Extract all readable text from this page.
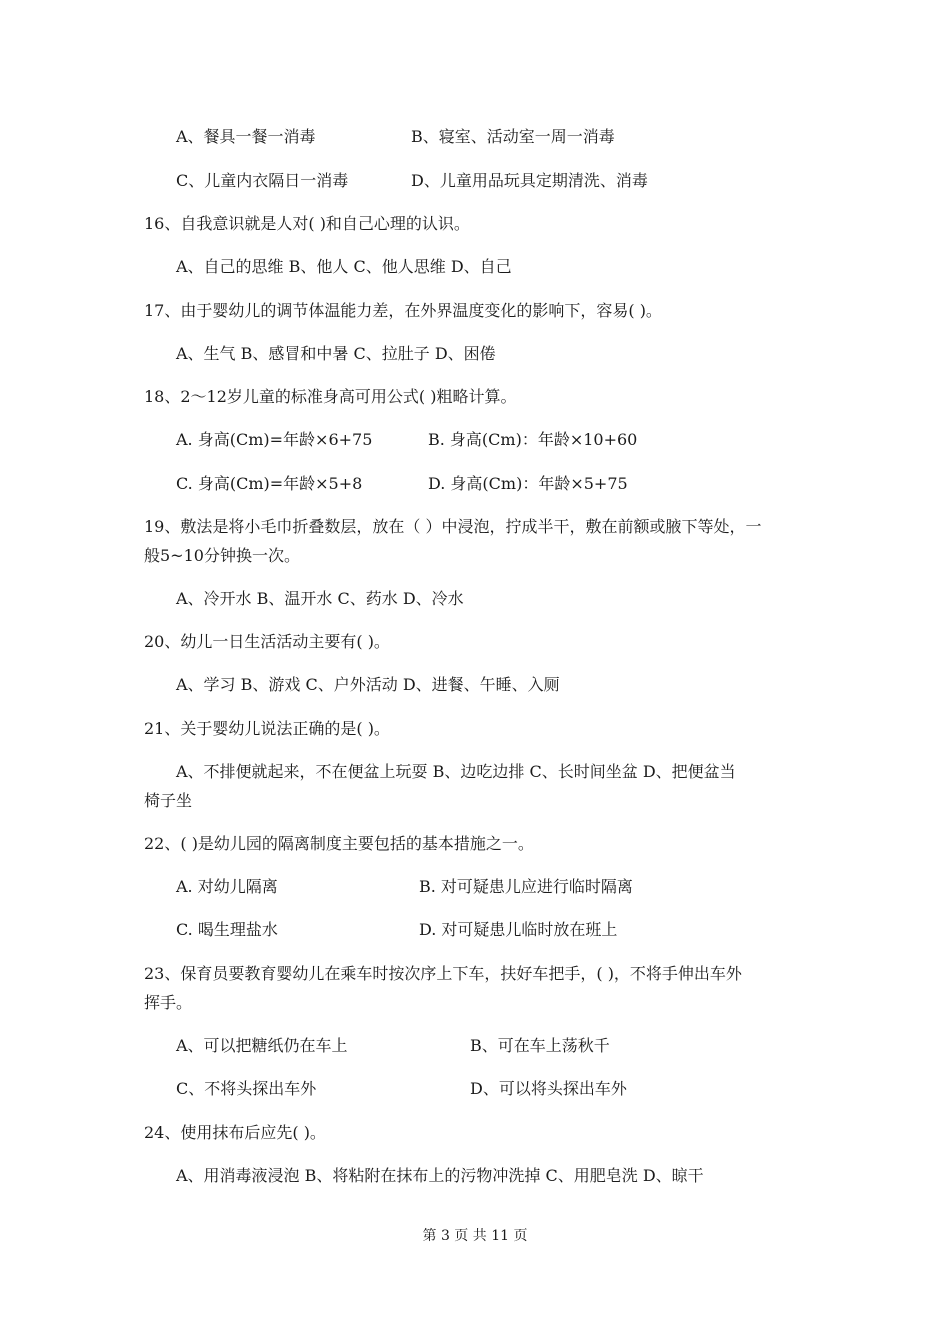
A、餐具一餐一消毒	B、寝室、活动室一周一消毒
C、儿童内衣隔日一消毒	D、儿童用品玩具定期清洗、消毒
16、自我意识就是人对( )和自己心理的认识。
A、自己的思维 B、他人 C、他人思维 D、自己
17、由于婴幼儿的调节体温能力差，在外界温度变化的影响下，容易( )。
A、生气 B、感冒和中暑 C、拉肚子 D、困倦
18、2～12岁儿童的标准身高可用公式( )粗略计算。
A. 身高(Cm)=年龄×6+75	B. 身高(Cm)：年龄×10+60
C. 身高(Cm)=年龄×5+8	D. 身高(Cm)：年龄×5+75
19、敷法是将小毛巾折叠数层，放在（ ）中浸泡，拧成半干，敷在前额或腋下等处，一
般5~10分钟换一次。
A、冷开水 B、温开水 C、药水 D、冷水
20、幼儿一日生活活动主要有( )。
A、学习 B、游戏 C、户外活动 D、进餐、午睡、入厕
21、关于婴幼儿说法正确的是( )。
A、不排便就起来，不在便盆上玩耍 B、边吃边排 C、长时间坐盆 D、把便盆当
椅子坐
22、( )是幼儿园的隔离制度主要包括的基本措施之一。
A. 对幼儿隔离	B. 对可疑患儿应进行临时隔离
C. 喝生理盐水	D. 对可疑患儿临时放在班上
23、保育员要教育婴幼儿在乘车时按次序上下车，扶好车把手，( )，不将手伸出车外
挥手。
A、可以把糖纸仍在车上	B、可在车上荡秋千
C、不将头探出车外	D、可以将头探出车外
24、使用抹布后应先( )。
A、用消毒液浸泡 B、将粘附在抹布上的污物冲洗掉 C、用肥皂洗 D、晾干
第 3 页 共 11 页
